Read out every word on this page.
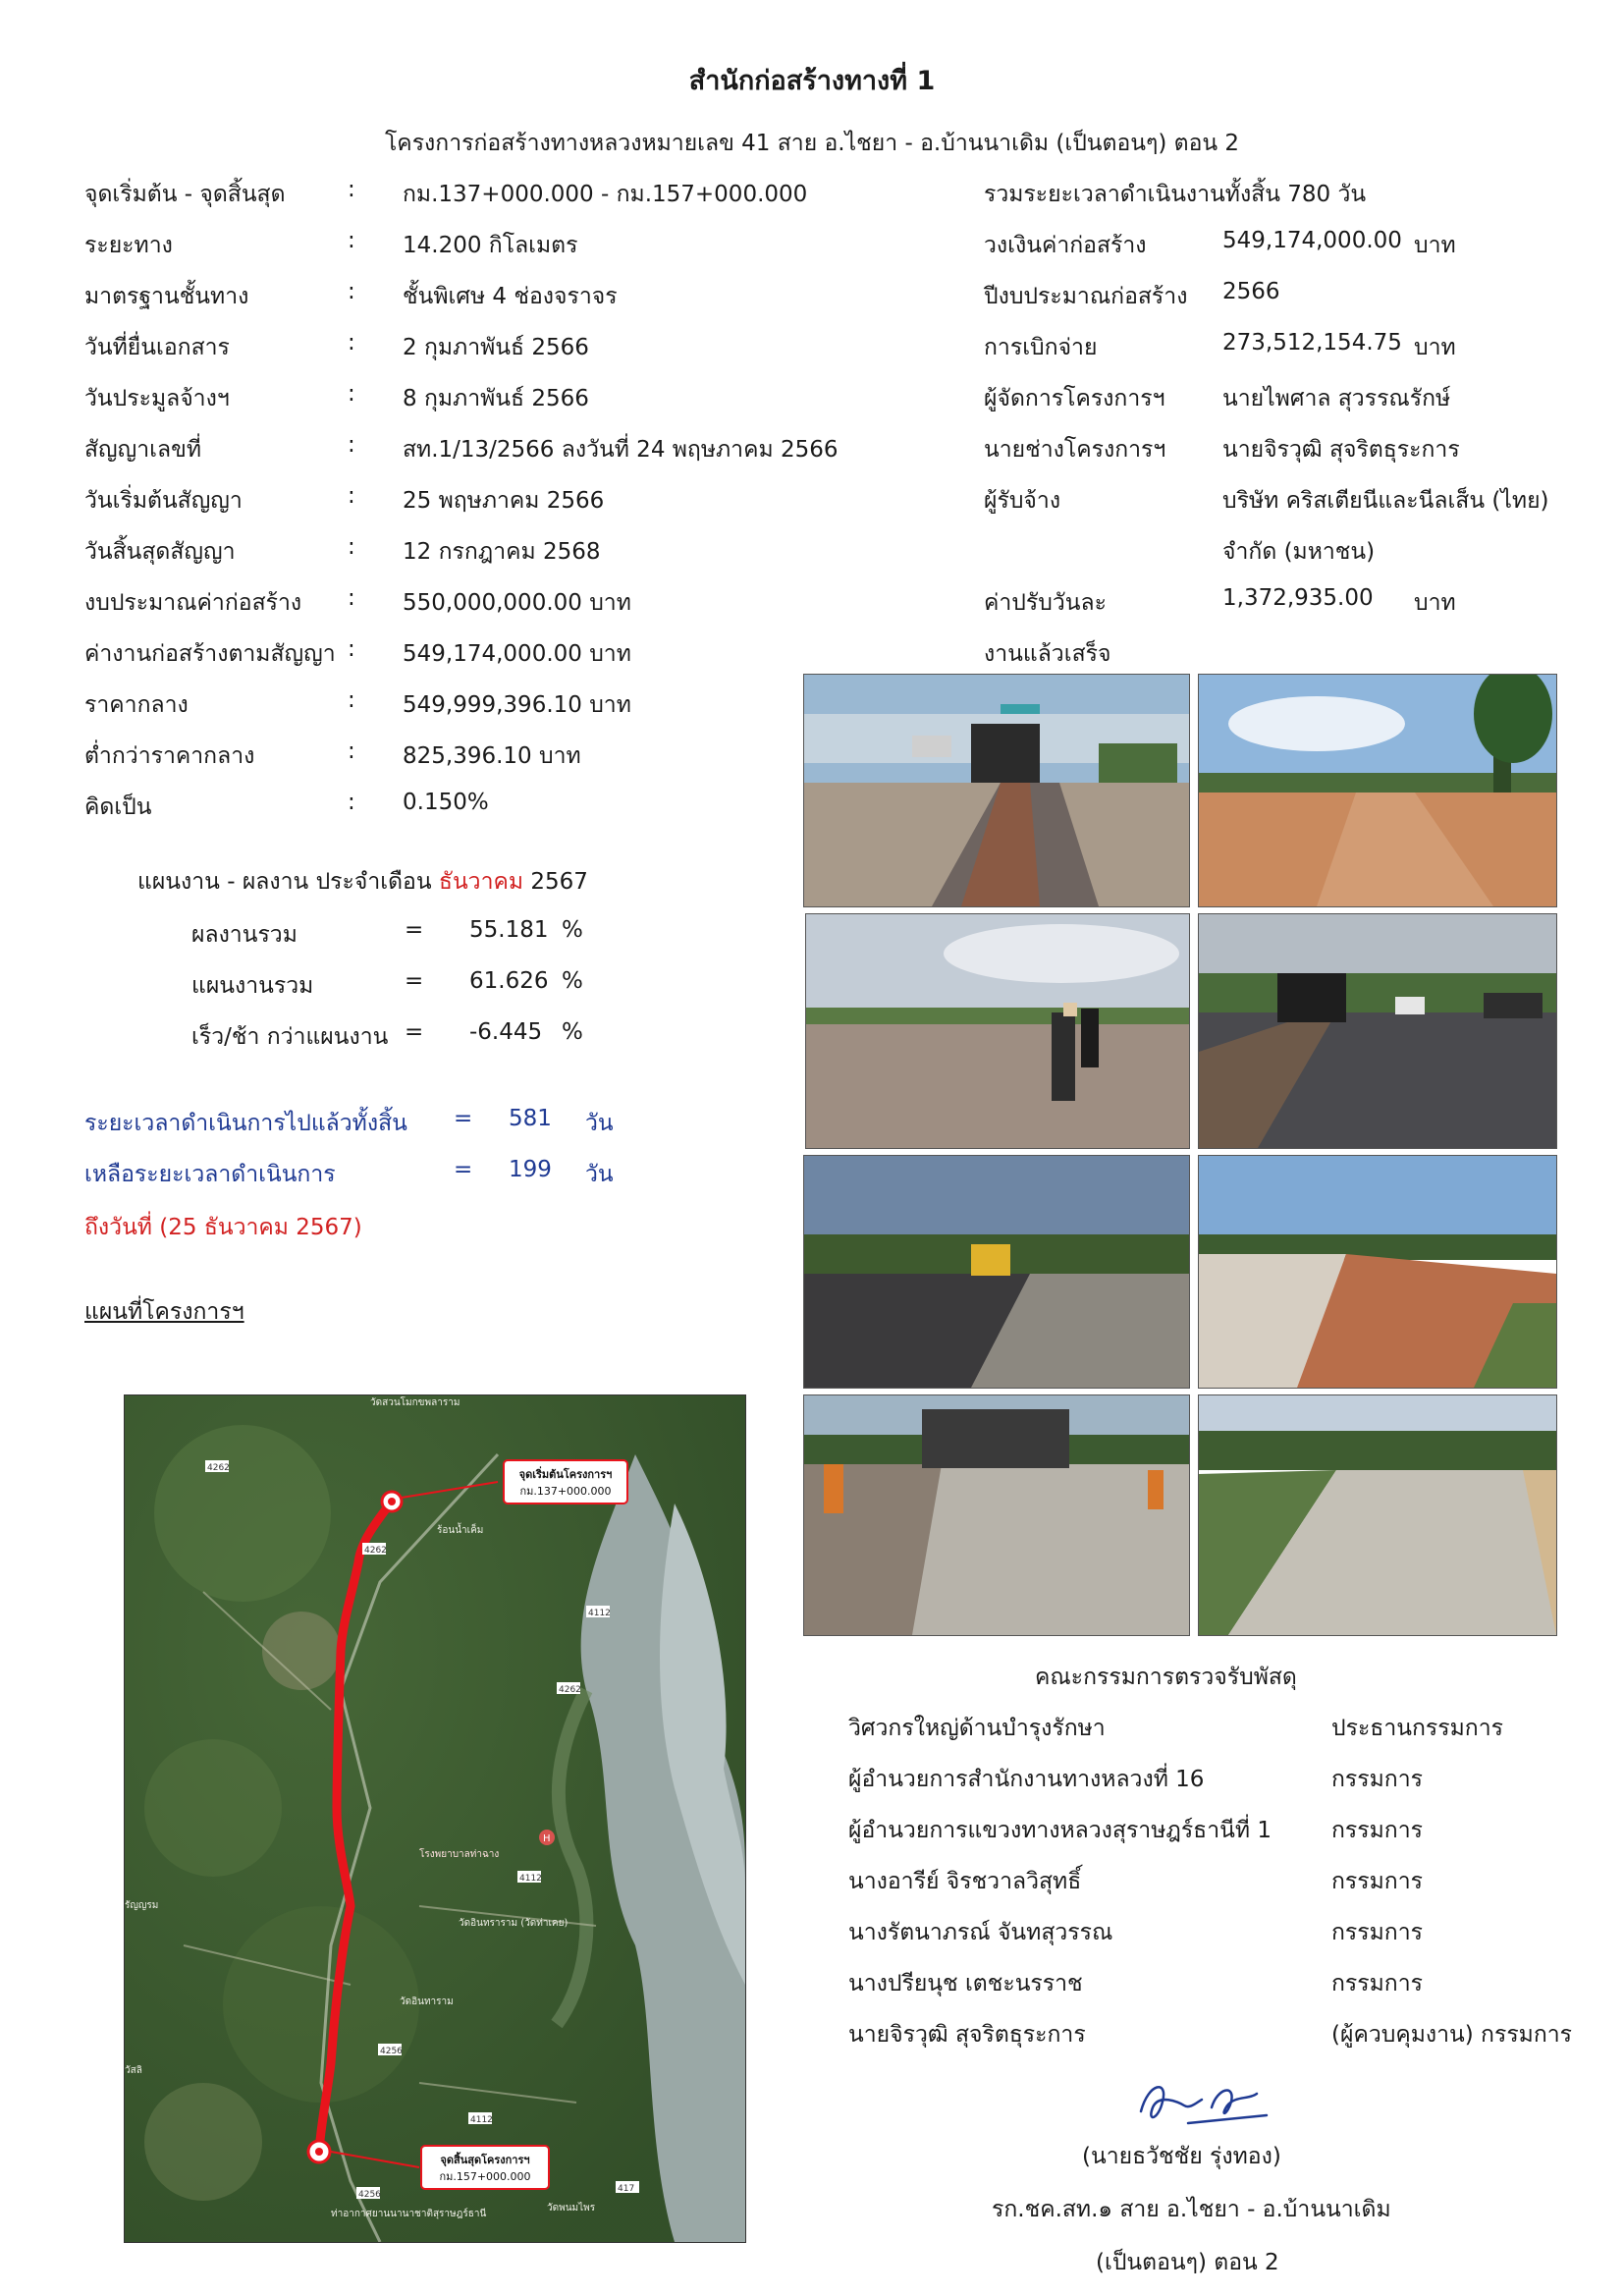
สำนักก่อสร้างทางที่ 1
โครงการก่อสร้างทางหลวงหมายเลข 41 สาย อ.ไชยา - อ.บ้านนาเดิม (เป็นตอนๆ) ตอน 2
จุดเริ่มต้น - จุดสิ้นสุด	: กม.137+000.000 - กม.157+000.000	รวมระยะเวลาดำเนินงานทั้งสิ้น 780 วัน
ระยะทาง	: 14.200 กิโลเมตร	วงเงินค่าก่อสร้าง	549,174,000.00 บาท
มาตรฐานชั้นทาง	: ชั้นพิเศษ 4 ช่องจราจร	ปีงบประมาณก่อสร้าง 2566
วันที่ยื่นเอกสาร	: 2 กุมภาพันธ์ 2566	การเบิกจ่าย	273,512,154.75 บาท
วันประมูลจ้างฯ	: 8 กุมภาพันธ์ 2566	ผู้จัดการโครงการฯ	นายไพศาล สุวรรณรักษ์
สัญญาเลขที่	: สท.1/13/2566 ลงวันที่ 24 พฤษภาคม 2566	นายช่างโครงการฯ	นายจิรวุฒิ สุจริตธุระการ
วันเริ่มต้นสัญญา	: 25 พฤษภาคม 2566	ผู้รับจ้าง	บริษัท คริสเตียนีและนีลเส็น (ไทย)
วันสิ้นสุดสัญญา	: 12 กรกฎาคม 2568	จำกัด (มหาชน)
งบประมาณค่าก่อสร้าง : 550,000,000.00 บาท	ค่าปรับวันละ	1,372,935.00 บาท
ค่างานก่อสร้างตามสัญญา : 549,174,000.00 บาท	งานแล้วเสร็จ
ราคากลาง	: 549,999,396.10 บาท
ต่ำกว่าราคากลาง	: 825,396.10 บาท
คิดเป็น	: 0.150%
แผนงาน - ผลงาน ประจำเดือน ธันวาคม 2567
ผลงานรวม	= 55.181 %
แผนงานรวม	= 61.626 %
เร็ว/ช้า กว่าแผนงาน = -6.445 %
ระยะเวลาดำเนินการไปแล้วทั้งสิ้น = 581 วัน
เหลือระยะเวลาดำเนินการ	= 199 วัน
ถึงวันที่ (25 ธันวาคม 2567)
แผนที่โครงการฯ
จุดเริ่มต้นโครงการฯ
กม.137+000.000
จุดสิ้นสุดโครงการฯ
กม.157+000.000
วัดสวนโมกขพลาราม
ร้อนน้ำเค็ม
โรงพยาบาลท่าฉาง
วัดอินทราราม (วัดท่าเคย)
วัดอินทาราม
วัดพนมไพร
ท่าอากาศยานนานาชาติสุราษฎร์ธานี
รัญญรม
วัสลิ
4262
4262
4112
4262
4112
4256
4112
4256
417
H
คณะกรรมการตรวจรับพัสดุ
วิศวกรใหญ่ด้านบำรุงรักษา	ประธานกรรมการ
ผู้อำนวยการสำนักงานทางหลวงที่ 16	กรรมการ
ผู้อำนวยการแขวงทางหลวงสุราษฎร์ธานีที่ 1	กรรมการ
นางอารีย์ จิรชวาลวิสุทธิ์	กรรมการ
นางรัตนาภรณ์ จันทสุวรรณ	กรรมการ
นางปรียนุช เตชะนรราช	กรรมการ
นายจิรวุฒิ สุจริตธุระการ	(ผู้ควบคุมงาน) กรรมการ
(นายธวัชชัย รุ่งทอง)
รก.ชค.สท.๑ สาย อ.ไชยา - อ.บ้านนาเดิม
(เป็นตอนๆ) ตอน 2
